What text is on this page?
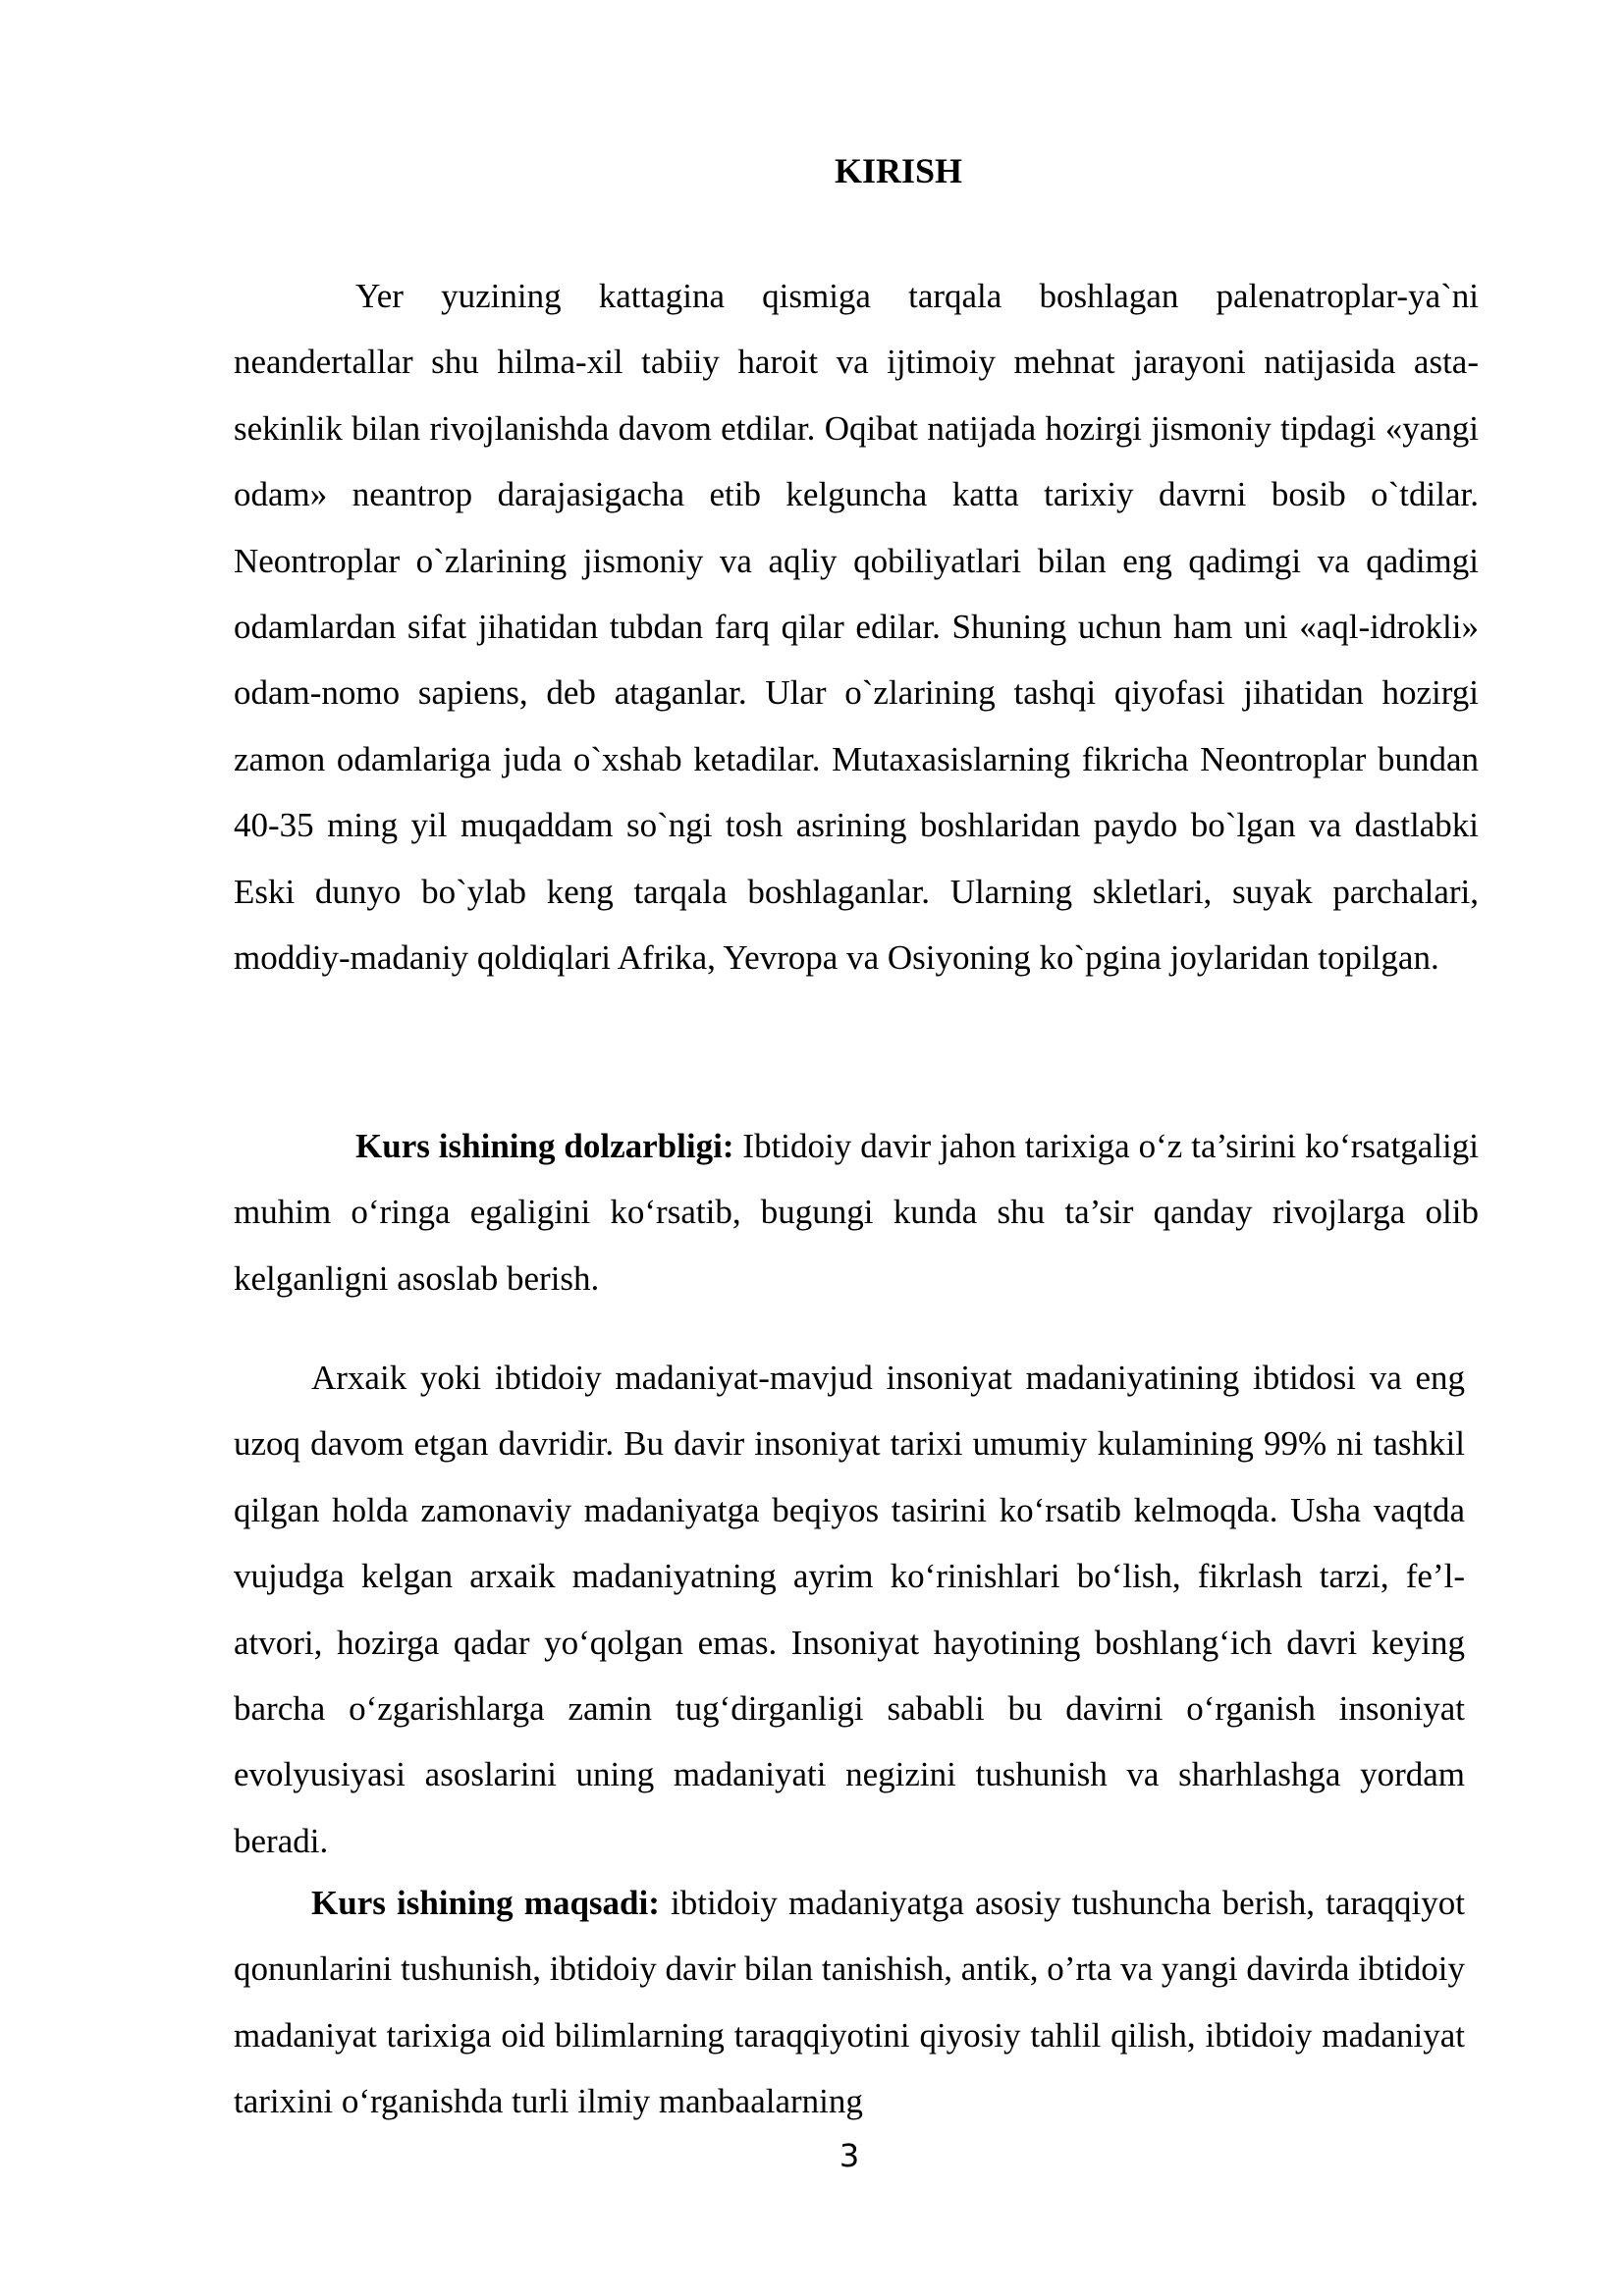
KIRISH

Yer yuzining kattagina qismiga tarqala boshlagan palenatroplar-ya`ni neandertallar shu hilma-xil tabiiy haroit va ijtimoiy mehnat jarayoni natijasida asta-sekinlik bilan rivojlanishda davom etdilar. Oqibat natijada hozirgi jismoniy tipdagi «yangi odam» neantrop darajasigacha etib kelguncha katta tarixiy davrni bosib o`tdilar. Neontroplar o`zlarining jismoniy va aqliy qobiliyatlari bilan eng qadimgi va qadimgi odamlardan sifat jihatidan tubdan farq qilar edilar. Shuning uchun ham uni «aql-idrokli» odam-nomo sapiens, deb ataganlar. Ular o`zlarining tashqi qiyofasi jihatidan hozirgi zamon odamlariga juda o`xshab ketadilar. Mutaxasislarning fikricha Neontroplar bundan 40-35 ming yil muqaddam so`ngi tosh asrining boshlaridan paydo bo`lgan va dastlabki Eski dunyo bo`ylab keng tarqala boshlaganlar. Ularning skletlari, suyak parchalari, moddiy-madaniy qoldiqlari Afrika, Yevropa va Osiyoning ko`pgina joylaridan topilgan.

Kurs ishining dolzarbligi: Ibtidoiy davir jahon tarixiga o‘z ta’sirini ko‘rsatgaligi muhim o‘ringa egaligini ko‘rsatib, bugungi kunda shu ta’sir qanday rivojlarga olib kelganligni asoslab berish.

Arxaik yoki ibtidoiy madaniyat-mavjud insoniyat madaniyatining ibtidosi va eng uzoq davom etgan davridir. Bu davir insoniyat tarixi umumiy kulamining 99% ni tashkil qilgan holda zamonaviy madaniyatga beqiyos tasirini ko‘rsatib kelmoqda. Usha vaqtda vujudga kelgan arxaik madaniyatning ayrim ko‘rinishlari bo‘lish, fikrlash tarzi, fe’l-atvori, hozirga qadar yo‘qolgan emas. Insoniyat hayotining boshlang‘ich davri keying barcha o‘zgarishlarga zamin tug‘dirganligi sababli bu davirni o‘rganish insoniyat evolyusiyasi asoslarini uning madaniyati negizini tushunish va sharhlashga yordam beradi.

Kurs ishining maqsadi: ibtidoiy madaniyatga asosiy tushuncha berish, taraqqiyot qonunlarini tushunish, ibtidoiy davir bilan tanishish, antik, o’rta va yangi davirda ibtidoiy madaniyat tarixiga oid bilimlarning taraqqiyotini qiyosiy tahlil qilish, ibtidoiy madaniyat tarixini o‘rganishda turli ilmiy manbaalarning

3
